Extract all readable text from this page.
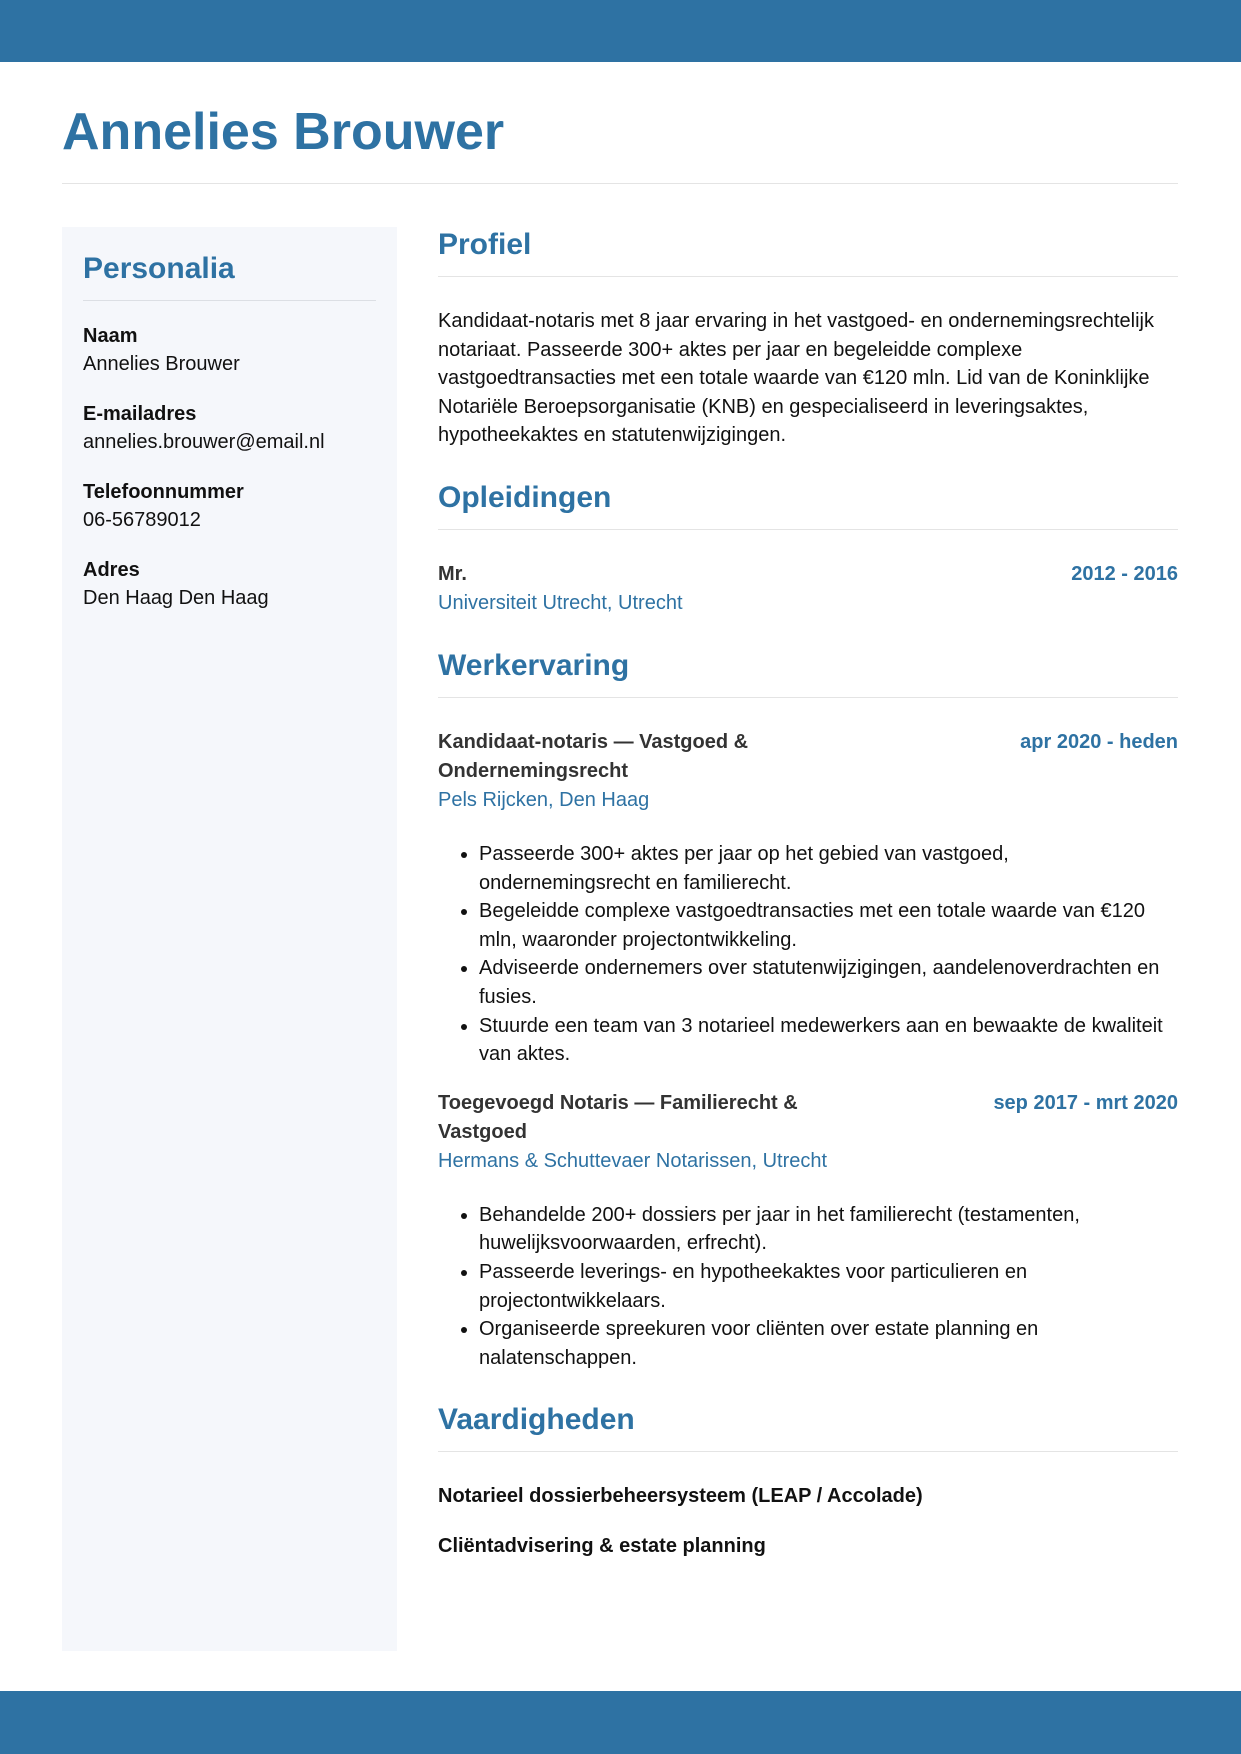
Annelies Brouwer
Personalia
Naam
Annelies Brouwer
E-mailadres
annelies.brouwer@email.nl
Telefoonnummer
06-56789012
Adres
Den Haag Den Haag
Profiel

Kandidaat-notaris met 8 jaar ervaring in het vastgoed- en ondernemingsrechtelijk notariaat. Passeerde 300+ aktes per jaar en begeleidde complexe vastgoedtransacties met een totale waarde van €120 mln. Lid van de Koninklijke Notariële Beroepsorganisatie (KNB) en gespecialiseerd in leveringsaktes, hypotheekaktes en statutenwijzigingen.

Opleidingen
Mr.	2012 - 2016
Universiteit Utrecht, Utrecht
Werkervaring
Kandidaat-notaris — Vastgoed & Ondernemingsrecht
apr 2020 - heden
Pels Rijcken, Den Haag
• Passeerde 300+ aktes per jaar op het gebied van vastgoed, ondernemingsrecht en familierecht.
• Begeleidde complexe vastgoedtransacties met een totale waarde van €120 mln, waaronder projectontwikkeling.
• Adviseerde ondernemers over statutenwijzigingen, aandelenoverdrachten en fusies.
• Stuurde een team van 3 notarieel medewerkers aan en bewaakte de kwaliteit van aktes.
Toegevoegd Notaris — Familierecht & Vastgoed
sep 2017 - mrt 2020
Hermans & Schuttevaer Notarissen, Utrecht
• Behandelde 200+ dossiers per jaar in het familierecht (testamenten, huwelijksvoorwaarden, erfrecht).
• Passeerde leverings- en hypotheekaktes voor particulieren en projectontwikkelaars.
• Organiseerde spreekuren voor cliënten over estate planning en nalatenschappen.
Vaardigheden
Notarieel dossierbeheersysteem (LEAP / Accolade)
Cliëntadvisering & estate planning
